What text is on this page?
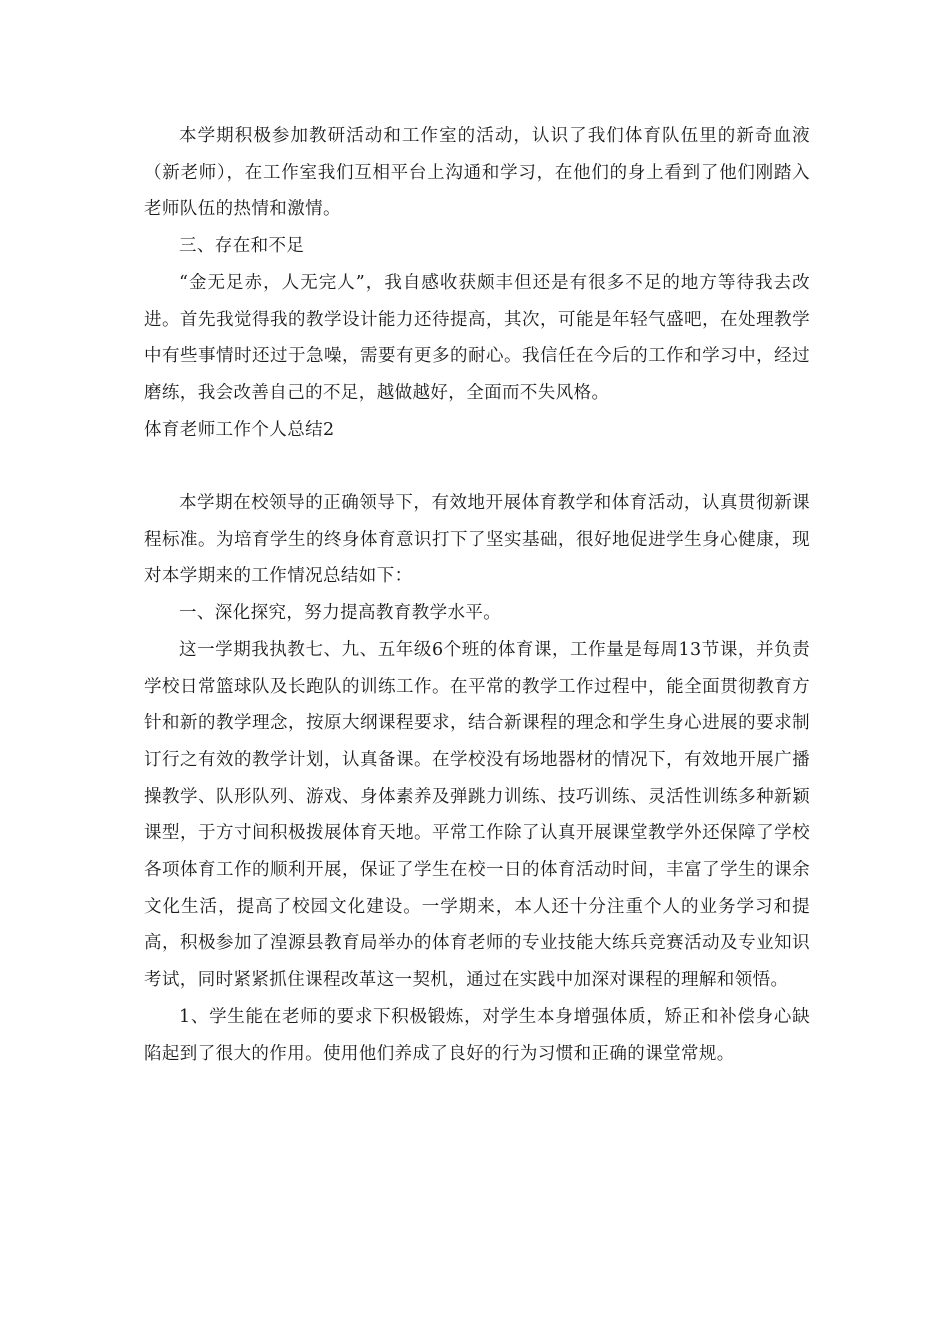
本学期积极参加教研活动和工作室的活动，认识了我们体育队伍里的新奇血液（新老师），在工作室我们互相平台上沟通和学习，在他们的身上看到了他们刚踏入老师队伍的热情和激情。

三、存在和不足

“金无足赤，人无完人”，我自感收获颇丰但还是有很多不足的地方等待我去改进。首先我觉得我的教学设计能力还待提高，其次，可能是年轻气盛吧，在处理教学中有些事情时还过于急噪，需要有更多的耐心。我信任在今后的工作和学习中，经过磨练，我会改善自己的不足，越做越好，全面而不失风格。

体育老师工作个人总结2

本学期在校领导的正确领导下，有效地开展体育教学和体育活动，认真贯彻新课程标准。为培育学生的终身体育意识打下了坚实基础，很好地促进学生身心健康，现对本学期来的工作情况总结如下：

一、深化探究，努力提高教育教学水平。

这一学期我执教七、九、五年级6个班的体育课，工作量是每周13节课，并负责学校日常篮球队及长跑队的训练工作。在平常的教学工作过程中，能全面贯彻教育方针和新的教学理念，按原大纲课程要求，结合新课程的理念和学生身心进展的要求制订行之有效的教学计划，认真备课。在学校没有场地器材的情况下，有效地开展广播操教学、队形队列、游戏、身体素养及弹跳力训练、技巧训练、灵活性训练多种新颖课型，于方寸间积极拨展体育天地。平常工作除了认真开展课堂教学外还保障了学校各项体育工作的顺利开展，保证了学生在校一日的体育活动时间，丰富了学生的课余文化生活，提高了校园文化建设。一学期来，本人还十分注重个人的业务学习和提高，积极参加了湟源县教育局举办的体育老师的专业技能大练兵竞赛活动及专业知识考试，同时紧紧抓住课程改革这一契机，通过在实践中加深对课程的理解和领悟。

1、学生能在老师的要求下积极锻炼，对学生本身增强体质，矫正和补偿身心缺陷起到了很大的作用。使用他们养成了良好的行为习惯和正确的课堂常规。
